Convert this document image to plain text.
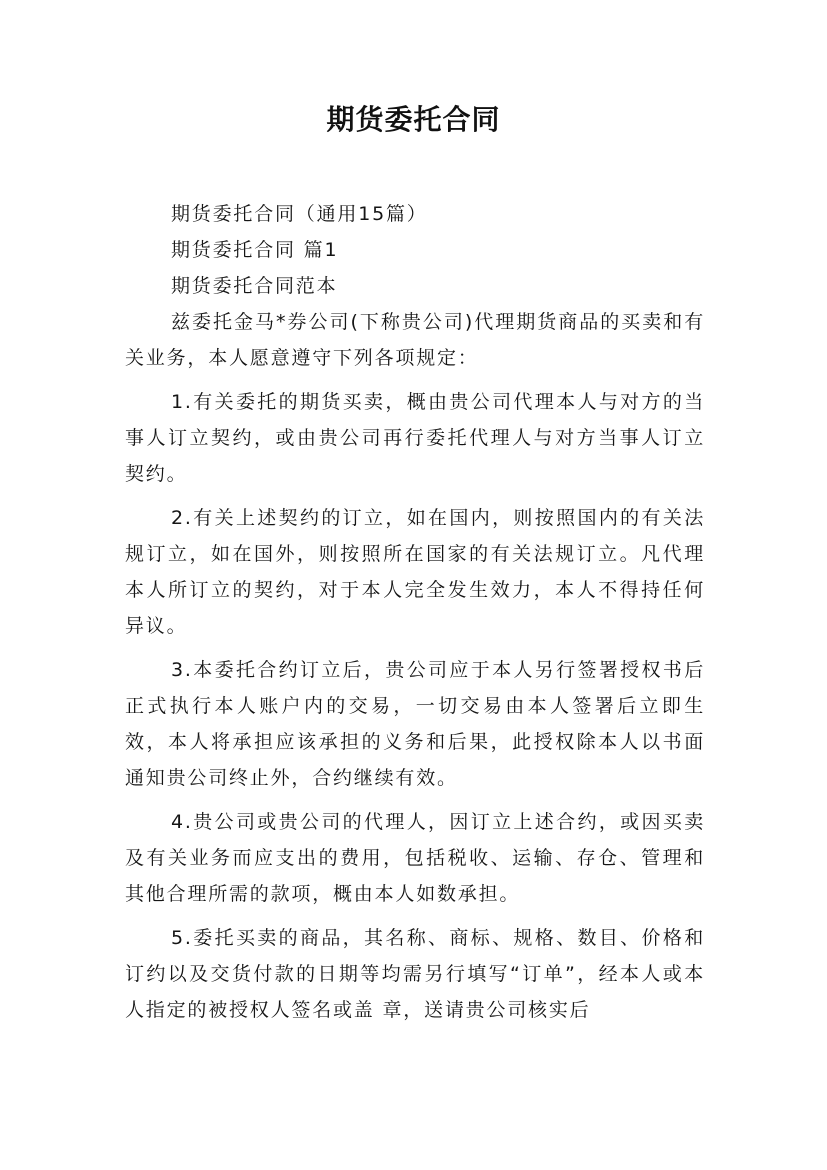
期货委托合同

期货委托合同（通用15篇）

期货委托合同 篇1

期货委托合同范本

兹委托金马*券公司(下称贵公司)代理期货商品的买卖和有关业务，本人愿意遵守下列各项规定：

1.有关委托的期货买卖，概由贵公司代理本人与对方的当事人订立契约，或由贵公司再行委托代理人与对方当事人订立契约。

2.有关上述契约的订立，如在国内，则按照国内的有关法规订立，如在国外，则按照所在国家的有关法规订立。凡代理本人所订立的契约，对于本人完全发生效力，本人不得持任何异议。

3.本委托合约订立后，贵公司应于本人另行签署授权书后正式执行本人账户内的交易，一切交易由本人签署后立即生效，本人将承担应该承担的义务和后果，此授权除本人以书面通知贵公司终止外，合约继续有效。

4.贵公司或贵公司的代理人，因订立上述合约，或因买卖及有关业务而应支出的费用，包括税收、运输、存仓、管理和其他合理所需的款项，概由本人如数承担。

5.委托买卖的商品，其名称、商标、规格、数目、价格和订约以及交货付款的日期等均需另行填写“订单”，经本人或本人指定的被授权人签名或盖 章，送请贵公司核实后
